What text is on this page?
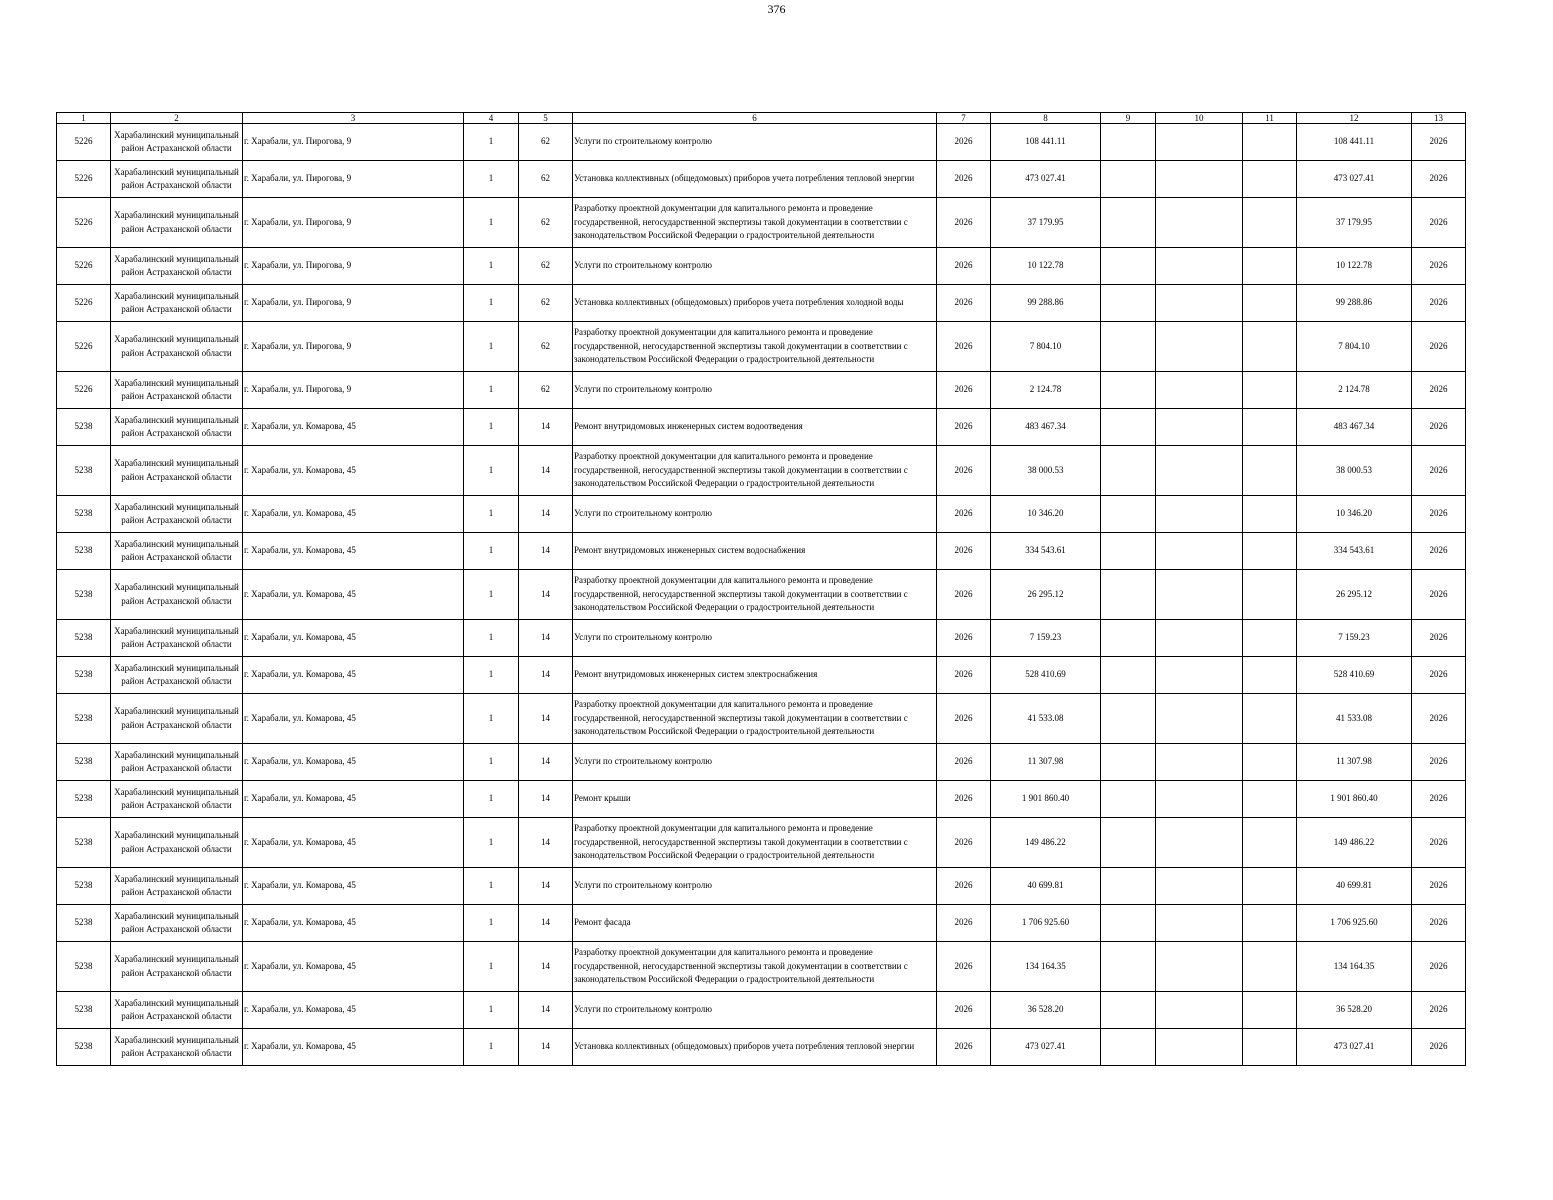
376
1	2	3	4	5	6	7	8	9	10	11	12	13
5226	Харабалинский муниципальный район Астраханской области	г. Харабали, ул. Пирогова, 9	1	62	Услуги по строительному контролю	2026	108 441.11				108 441.11	2026
5226	Харабалинский муниципальный район Астраханской области	г. Харабали, ул. Пирогова, 9	1	62	Установка коллективных (общедомовых) приборов учета потребления тепловой энергии	2026	473 027.41				473 027.41	2026
5226	Харабалинский муниципальный район Астраханской области	г. Харабали, ул. Пирогова, 9	1	62	Разработку проектной документации для капитального ремонта и проведение государственной, негосударственной экспертизы такой документации в соответствии с законодательством Российской Федерации о градостроительной деятельности	2026	37 179.95				37 179.95	2026
5226	Харабалинский муниципальный район Астраханской области	г. Харабали, ул. Пирогова, 9	1	62	Услуги по строительному контролю	2026	10 122.78				10 122.78	2026
5226	Харабалинский муниципальный район Астраханской области	г. Харабали, ул. Пирогова, 9	1	62	Установка коллективных (общедомовых) приборов учета потребления холодной воды	2026	99 288.86				99 288.86	2026
5226	Харабалинский муниципальный район Астраханской области	г. Харабали, ул. Пирогова, 9	1	62	Разработку проектной документации для капитального ремонта и проведение государственной, негосударственной экспертизы такой документации в соответствии с законодательством Российской Федерации о градостроительной деятельности	2026	7 804.10				7 804.10	2026
5226	Харабалинский муниципальный район Астраханской области	г. Харабали, ул. Пирогова, 9	1	62	Услуги по строительному контролю	2026	2 124.78				2 124.78	2026
5238	Харабалинский муниципальный район Астраханской области	г. Харабали, ул. Комарова, 45	1	14	Ремонт внутридомовых инженерных систем водоотведения	2026	483 467.34				483 467.34	2026
5238	Харабалинский муниципальный район Астраханской области	г. Харабали, ул. Комарова, 45	1	14	Разработку проектной документации для капитального ремонта и проведение государственной, негосударственной экспертизы такой документации в соответствии с законодательством Российской Федерации о градостроительной деятельности	2026	38 000.53				38 000.53	2026
5238	Харабалинский муниципальный район Астраханской области	г. Харабали, ул. Комарова, 45	1	14	Услуги по строительному контролю	2026	10 346.20				10 346.20	2026
5238	Харабалинский муниципальный район Астраханской области	г. Харабали, ул. Комарова, 45	1	14	Ремонт внутридомовых инженерных систем водоснабжения	2026	334 543.61				334 543.61	2026
5238	Харабалинский муниципальный район Астраханской области	г. Харабали, ул. Комарова, 45	1	14	Разработку проектной документации для капитального ремонта и проведение государственной, негосударственной экспертизы такой документации в соответствии с законодательством Российской Федерации о градостроительной деятельности	2026	26 295.12				26 295.12	2026
5238	Харабалинский муниципальный район Астраханской области	г. Харабали, ул. Комарова, 45	1	14	Услуги по строительному контролю	2026	7 159.23				7 159.23	2026
5238	Харабалинский муниципальный район Астраханской области	г. Харабали, ул. Комарова, 45	1	14	Ремонт внутридомовых инженерных систем электроснабжения	2026	528 410.69				528 410.69	2026
5238	Харабалинский муниципальный район Астраханской области	г. Харабали, ул. Комарова, 45	1	14	Разработку проектной документации для капитального ремонта и проведение государственной, негосударственной экспертизы такой документации в соответствии с законодательством Российской Федерации о градостроительной деятельности	2026	41 533.08				41 533.08	2026
5238	Харабалинский муниципальный район Астраханской области	г. Харабали, ул. Комарова, 45	1	14	Услуги по строительному контролю	2026	11 307.98				11 307.98	2026
5238	Харабалинский муниципальный район Астраханской области	г. Харабали, ул. Комарова, 45	1	14	Ремонт крыши	2026	1 901 860.40				1 901 860.40	2026
5238	Харабалинский муниципальный район Астраханской области	г. Харабали, ул. Комарова, 45	1	14	Разработку проектной документации для капитального ремонта и проведение государственной, негосударственной экспертизы такой документации в соответствии с законодательством Российской Федерации о градостроительной деятельности	2026	149 486.22				149 486.22	2026
5238	Харабалинский муниципальный район Астраханской области	г. Харабали, ул. Комарова, 45	1	14	Услуги по строительному контролю	2026	40 699.81				40 699.81	2026
5238	Харабалинский муниципальный район Астраханской области	г. Харабали, ул. Комарова, 45	1	14	Ремонт фасада	2026	1 706 925.60				1 706 925.60	2026
5238	Харабалинский муниципальный район Астраханской области	г. Харабали, ул. Комарова, 45	1	14	Разработку проектной документации для капитального ремонта и проведение государственной, негосударственной экспертизы такой документации в соответствии с законодательством Российской Федерации о градостроительной деятельности	2026	134 164.35				134 164.35	2026
5238	Харабалинский муниципальный район Астраханской области	г. Харабали, ул. Комарова, 45	1	14	Услуги по строительному контролю	2026	36 528.20				36 528.20	2026
5238	Харабалинский муниципальный район Астраханской области	г. Харабали, ул. Комарова, 45	1	14	Установка коллективных (общедомовых) приборов учета потребления тепловой энергии	2026	473 027.41				473 027.41	2026
